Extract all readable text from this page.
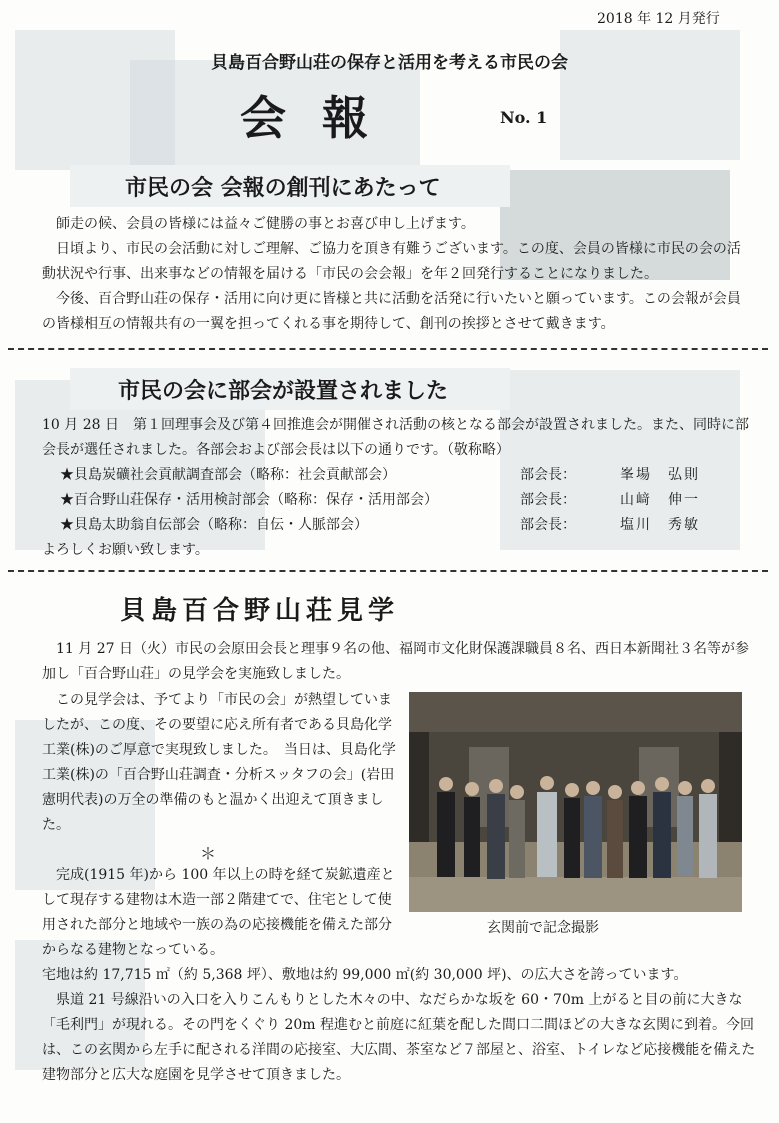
2018 年 12 月発行
貝島百合野山荘の保存と活用を考える市民の会
会報	No. 1
市民の会 会報の創刊にあたって

師走の候、会員の皆様には益々ご健勝の事とお喜び申し上げます。

日頃より、市民の会活動に対しご理解、ご協力を頂き有難うございます。この度、会員の皆様に市民の会の活動状況や行事、出来事などの情報を届ける「市民の会会報」を年２回発行することになりました。

今後、百合野山荘の保存・活用に向け更に皆様と共に活動を活発に行いたいと願っています。この会報が会員の皆様相互の情報共有の一翼を担ってくれる事を期待して、創刊の挨拶とさせて戴きます。

市民の会に部会が設置されました

10 月 28 日　第１回理事会及び第４回推進会が開催され活動の核となる部会が設置されました。また、同時に部会長が選任されました。各部会および部会長は以下の通りです。（敬称略）

★貝島炭礦社会貢献調査部会（略称：社会貢献部会）	部会長：	峯場　弘則
★百合野山荘保存・活用検討部会（略称：保存・活用部会）	部会長：	山﨑　伸一
★貝島太助翁自伝部会（略称：自伝・人脈部会）	部会長：	塩川　秀敏

よろしくお願い致します。

貝島百合野山荘見学

11 月 27 日（火）市民の会原田会長と理事９名の他、福岡市文化財保護課職員８名、西日本新聞社３名等が参加し「百合野山荘」の見学会を実施致しました。

この見学会は、予てより「市民の会」が熱望していましたが、この度、その要望に応え所有者である貝島化学工業(株)のご厚意で実現致しました。　当日は、貝島化学工業(株)の「百合野山荘調査・分析スッタフの会」(岩田憲明代表)の万全の準備のもと温かく出迎えて頂きました。

＊

完成(1915 年)から 100 年以上の時を経て炭鉱遺産として現存する建物は木造一部２階建てで、住宅として使用された部分と地域や一族の為の応接機能を備えた部分からなる建物となっている。

玄関前で記念撮影

宅地は約 17,715 ㎡（約 5,368 坪）、敷地は約 99,000 ㎡(約 30,000 坪)、の広大さを誇っています。

県道 21 号線沿いの入口を入りこんもりとした木々の中、なだらかな坂を 60・70m 上がると目の前に大きな「毛利門」が現れる。その門をくぐり 20m 程進むと前庭に紅葉を配した間口二間ほどの大きな玄関に到着。今回は、この玄関から左手に配される洋間の応接室、大広間、茶室など７部屋と、浴室、トイレなど応接機能を備えた建物部分と広大な庭園を見学させて頂きました。
